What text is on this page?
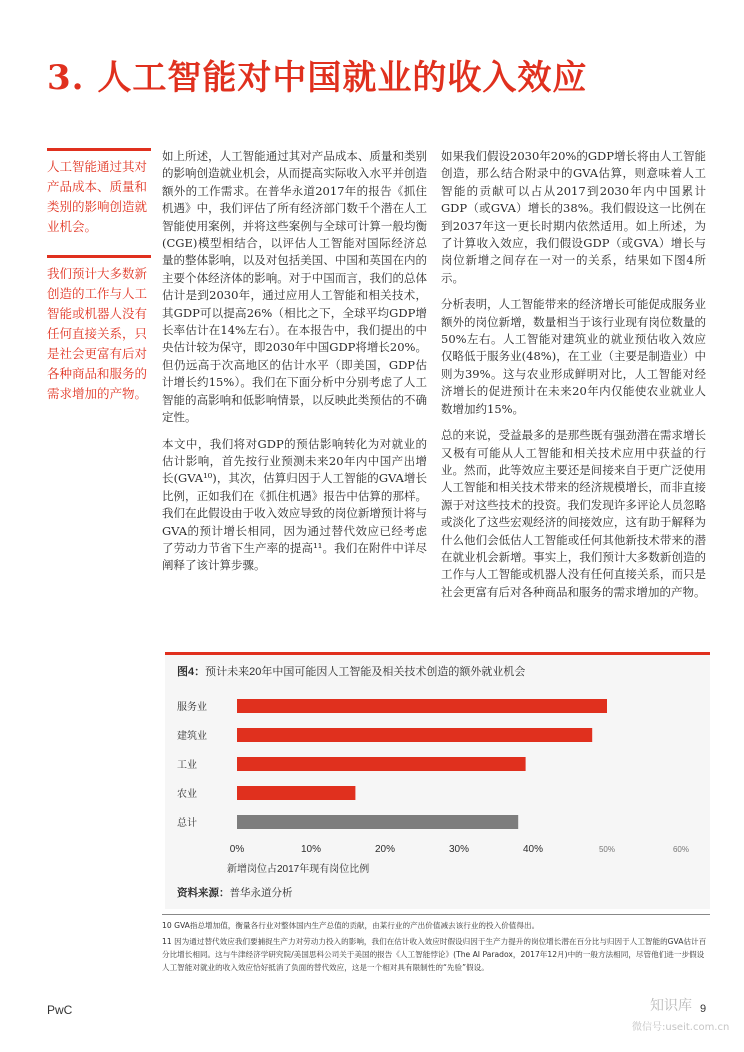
3. 人工智能对中国就业的收入效应
人工智能通过其对产品成本、质量和类别的影响创造就业机会。
我们预计大多数新创造的工作与人工智能或机器人没有任何直接关系，只是社会更富有后对各种商品和服务的需求增加的产物。

如上所述，人工智能通过其对产品成本、质量和类别的影响创造就业机会，从而提高实际收入水平并创造额外的工作需求。在普华永道2017年的报告《抓住机遇》中，我们评估了所有经济部门数千个潜在人工智能使用案例，并将这些案例与全球可计算一般均衡(CGE)模型相结合，以评估人工智能对国际经济总量的整体影响，以及对包括美国、中国和英国在内的主要个体经济体的影响。对于中国而言，我们的总体估计是到2030年，通过应用人工智能和相关技术，其GDP可以提高26%（相比之下，全球平均GDP增长率估计在14%左右）。在本报告中，我们提出的中央估计较为保守，即2030年中国GDP将增长20%。但仍远高于次高地区的估计水平（即美国，GDP估计增长约15%）。我们在下面分析中分别考虑了人工智能的高影响和低影响情景，以反映此类预估的不确定性。

本文中，我们将对GDP的预估影响转化为对就业的估计影响，首先按行业预测未来20年内中国产出增长(GVA¹⁰)，其次，估算归因于人工智能的GVA增长比例，正如我们在《抓住机遇》报告中估算的那样。我们在此假设由于收入效应导致的岗位新增预计将与GVA的预计增长相同，因为通过替代效应已经考虑了劳动力节省下生产率的提高¹¹。我们在附件中详尽阐释了该计算步骤。

如果我们假设2030年20%的GDP增长将由人工智能创造，那么结合附录中的GVA估算，则意味着人工智能的贡献可以占从2017到2030年内中国累计GDP（或GVA）增长的38%。我们假设这一比例在到2037年这一更长时期内依然适用。如上所述，为了计算收入效应，我们假设GDP（或GVA）增长与岗位新增之间存在一对一的关系，结果如下图4所示。

分析表明，人工智能带来的经济增长可能促成服务业额外的岗位新增，数量相当于该行业现有岗位数量的50%左右。人工智能对建筑业的就业预估收入效应仅略低于服务业(48%)，在工业（主要是制造业）中则为39%。这与农业形成鲜明对比，人工智能对经济增长的促进预计在未来20年内仅能使农业就业人数增加约15%。

总的来说，受益最多的是那些既有强劲潜在需求增长又极有可能从人工智能和相关技术应用中获益的行业。然而，此等效应主要还是间接来自于更广泛使用人工智能和相关技术带来的经济规模增长，而非直接源于对这些技术的投资。我们发现许多评论人员忽略或淡化了这些宏观经济的间接效应，这有助于解释为什么他们会低估人工智能或任何其他新技术带来的潜在就业机会新增。事实上，我们预计大多数新创造的工作与人工智能或机器人没有任何直接关系，而只是社会更富有后对各种商品和服务的需求增加的产物。

图4：预计未来20年中国可能因人工智能及相关技术创造的额外就业机会
服务业
建筑业
工业
农业
总计
0%	10%	20%	30%	40%	50%	60%
新增岗位占2017年现有岗位比例
资料来源：普华永道分析

10 GVA指总增加值，衡量各行业对整体国内生产总值的贡献，由某行业的产出价值减去该行业的投入价值得出。

11 因为通过替代效应我们要捕捉生产力对劳动力投入的影响，我们在估计收入效应时假设归因于生产力提升的岗位增长潜在百分比与归因于人工智能的GVA估计百分比增长相同。这与牛津经济学研究院/美国思科公司关于美国的报告《人工智能悖论》(The AI Paradox，2017年12月)中的一般方法相同，尽管他们进一步假设人工智能对就业的收入效应恰好抵消了负面的替代效应，这是一个相对具有限制性的“先验”假设。

PwC	知识库
微信号:useit.com.cn
9
